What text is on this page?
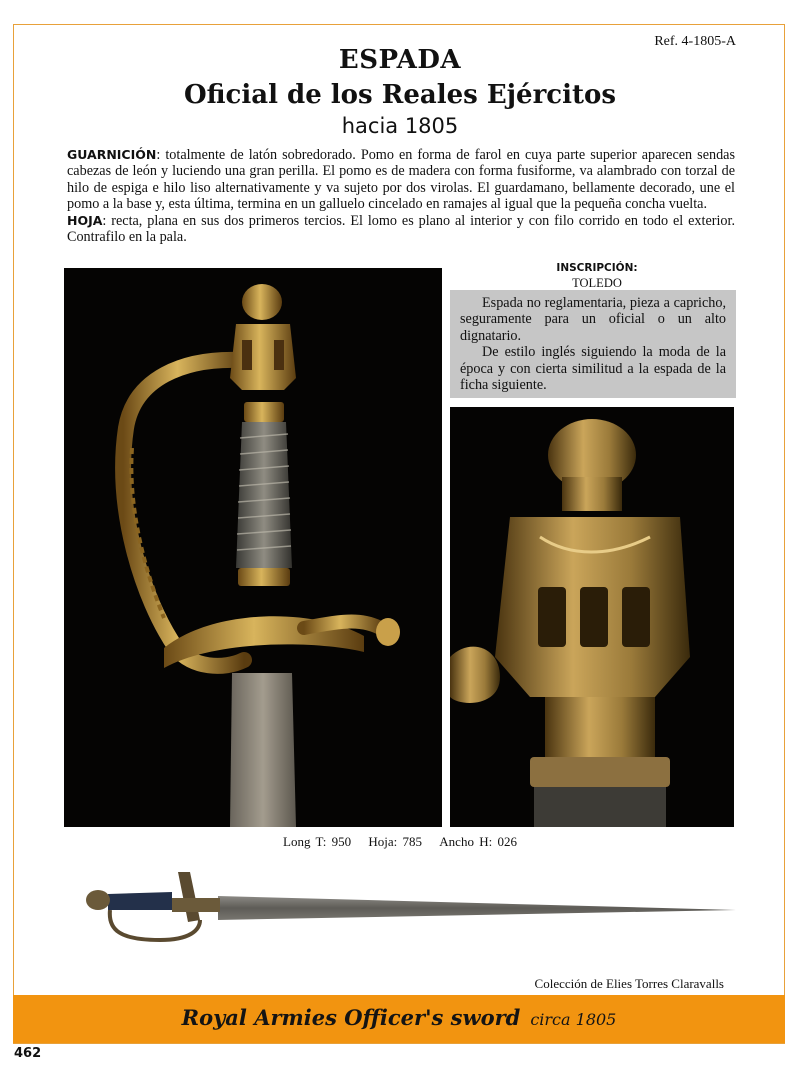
Ref. 4-1805-A
ESPADA
Oficial de los Reales Ejércitos
hacia 1805
GUARNICIÓN: totalmente de latón sobredorado. Pomo en forma de farol en cuya parte superior aparecen sendas cabezas de león y luciendo una gran perilla. El pomo es de madera con forma fusiforme, va alambrado con torzal de hilo de espiga e hilo liso alternativamente y va sujeto por dos virolas. El guardamano, bellamente decorado, une el pomo a la base y, esta última, termina en un galluelo cincelado en ramajes al igual que la pequeña concha vuelta.
HOJA: recta, plana en sus dos primeros tercios. El lomo es plano al interior y con filo corrido en todo el exterior. Contrafilo en la pala.
INSCRIPCIÓN:
TOLEDO

Espada no reglamentaria, pieza a capricho, seguramente para un oficial o un alto dignatario.

De estilo inglés siguiendo la moda de la época y con cierta similitud a la espada de la ficha siguiente.

Long T: 950 Hoja: 785 Ancho H: 026
Colección de Elies Torres Claravalls
Royal Armies Officer's sword circa 1805
462
